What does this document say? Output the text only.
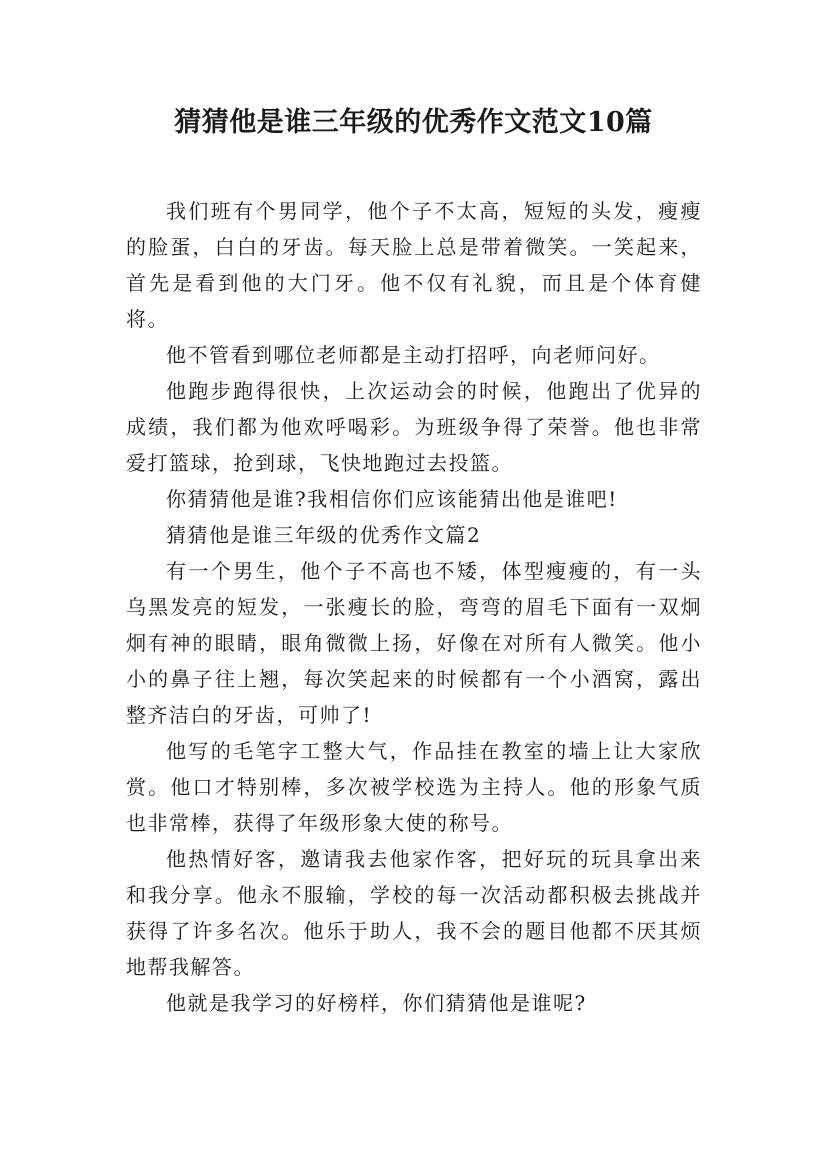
猜猜他是谁三年级的优秀作文范文10篇

我们班有个男同学，他个子不太高，短短的头发，瘦瘦的脸蛋，白白的牙齿。每天脸上总是带着微笑。一笑起来，首先是看到他的大门牙。他不仅有礼貌，而且是个体育健将。

他不管看到哪位老师都是主动打招呼，向老师问好。

他跑步跑得很快，上次运动会的时候，他跑出了优异的成绩，我们都为他欢呼喝彩。为班级争得了荣誉。他也非常爱打篮球，抢到球，飞快地跑过去投篮。

你猜猜他是谁?我相信你们应该能猜出他是谁吧!

猜猜他是谁三年级的优秀作文篇2

有一个男生，他个子不高也不矮，体型瘦瘦的，有一头乌黑发亮的短发，一张瘦长的脸，弯弯的眉毛下面有一双炯炯有神的眼睛，眼角微微上扬，好像在对所有人微笑。他小小的鼻子往上翘，每次笑起来的时候都有一个小酒窝，露出整齐洁白的牙齿，可帅了!

他写的毛笔字工整大气，作品挂在教室的墙上让大家欣赏。他口才特别棒，多次被学校选为主持人。他的形象气质也非常棒，获得了年级形象大使的称号。

他热情好客，邀请我去他家作客，把好玩的玩具拿出来和我分享。他永不服输，学校的每一次活动都积极去挑战并获得了许多名次。他乐于助人，我不会的题目他都不厌其烦地帮我解答。

他就是我学习的好榜样，你们猜猜他是谁呢?
